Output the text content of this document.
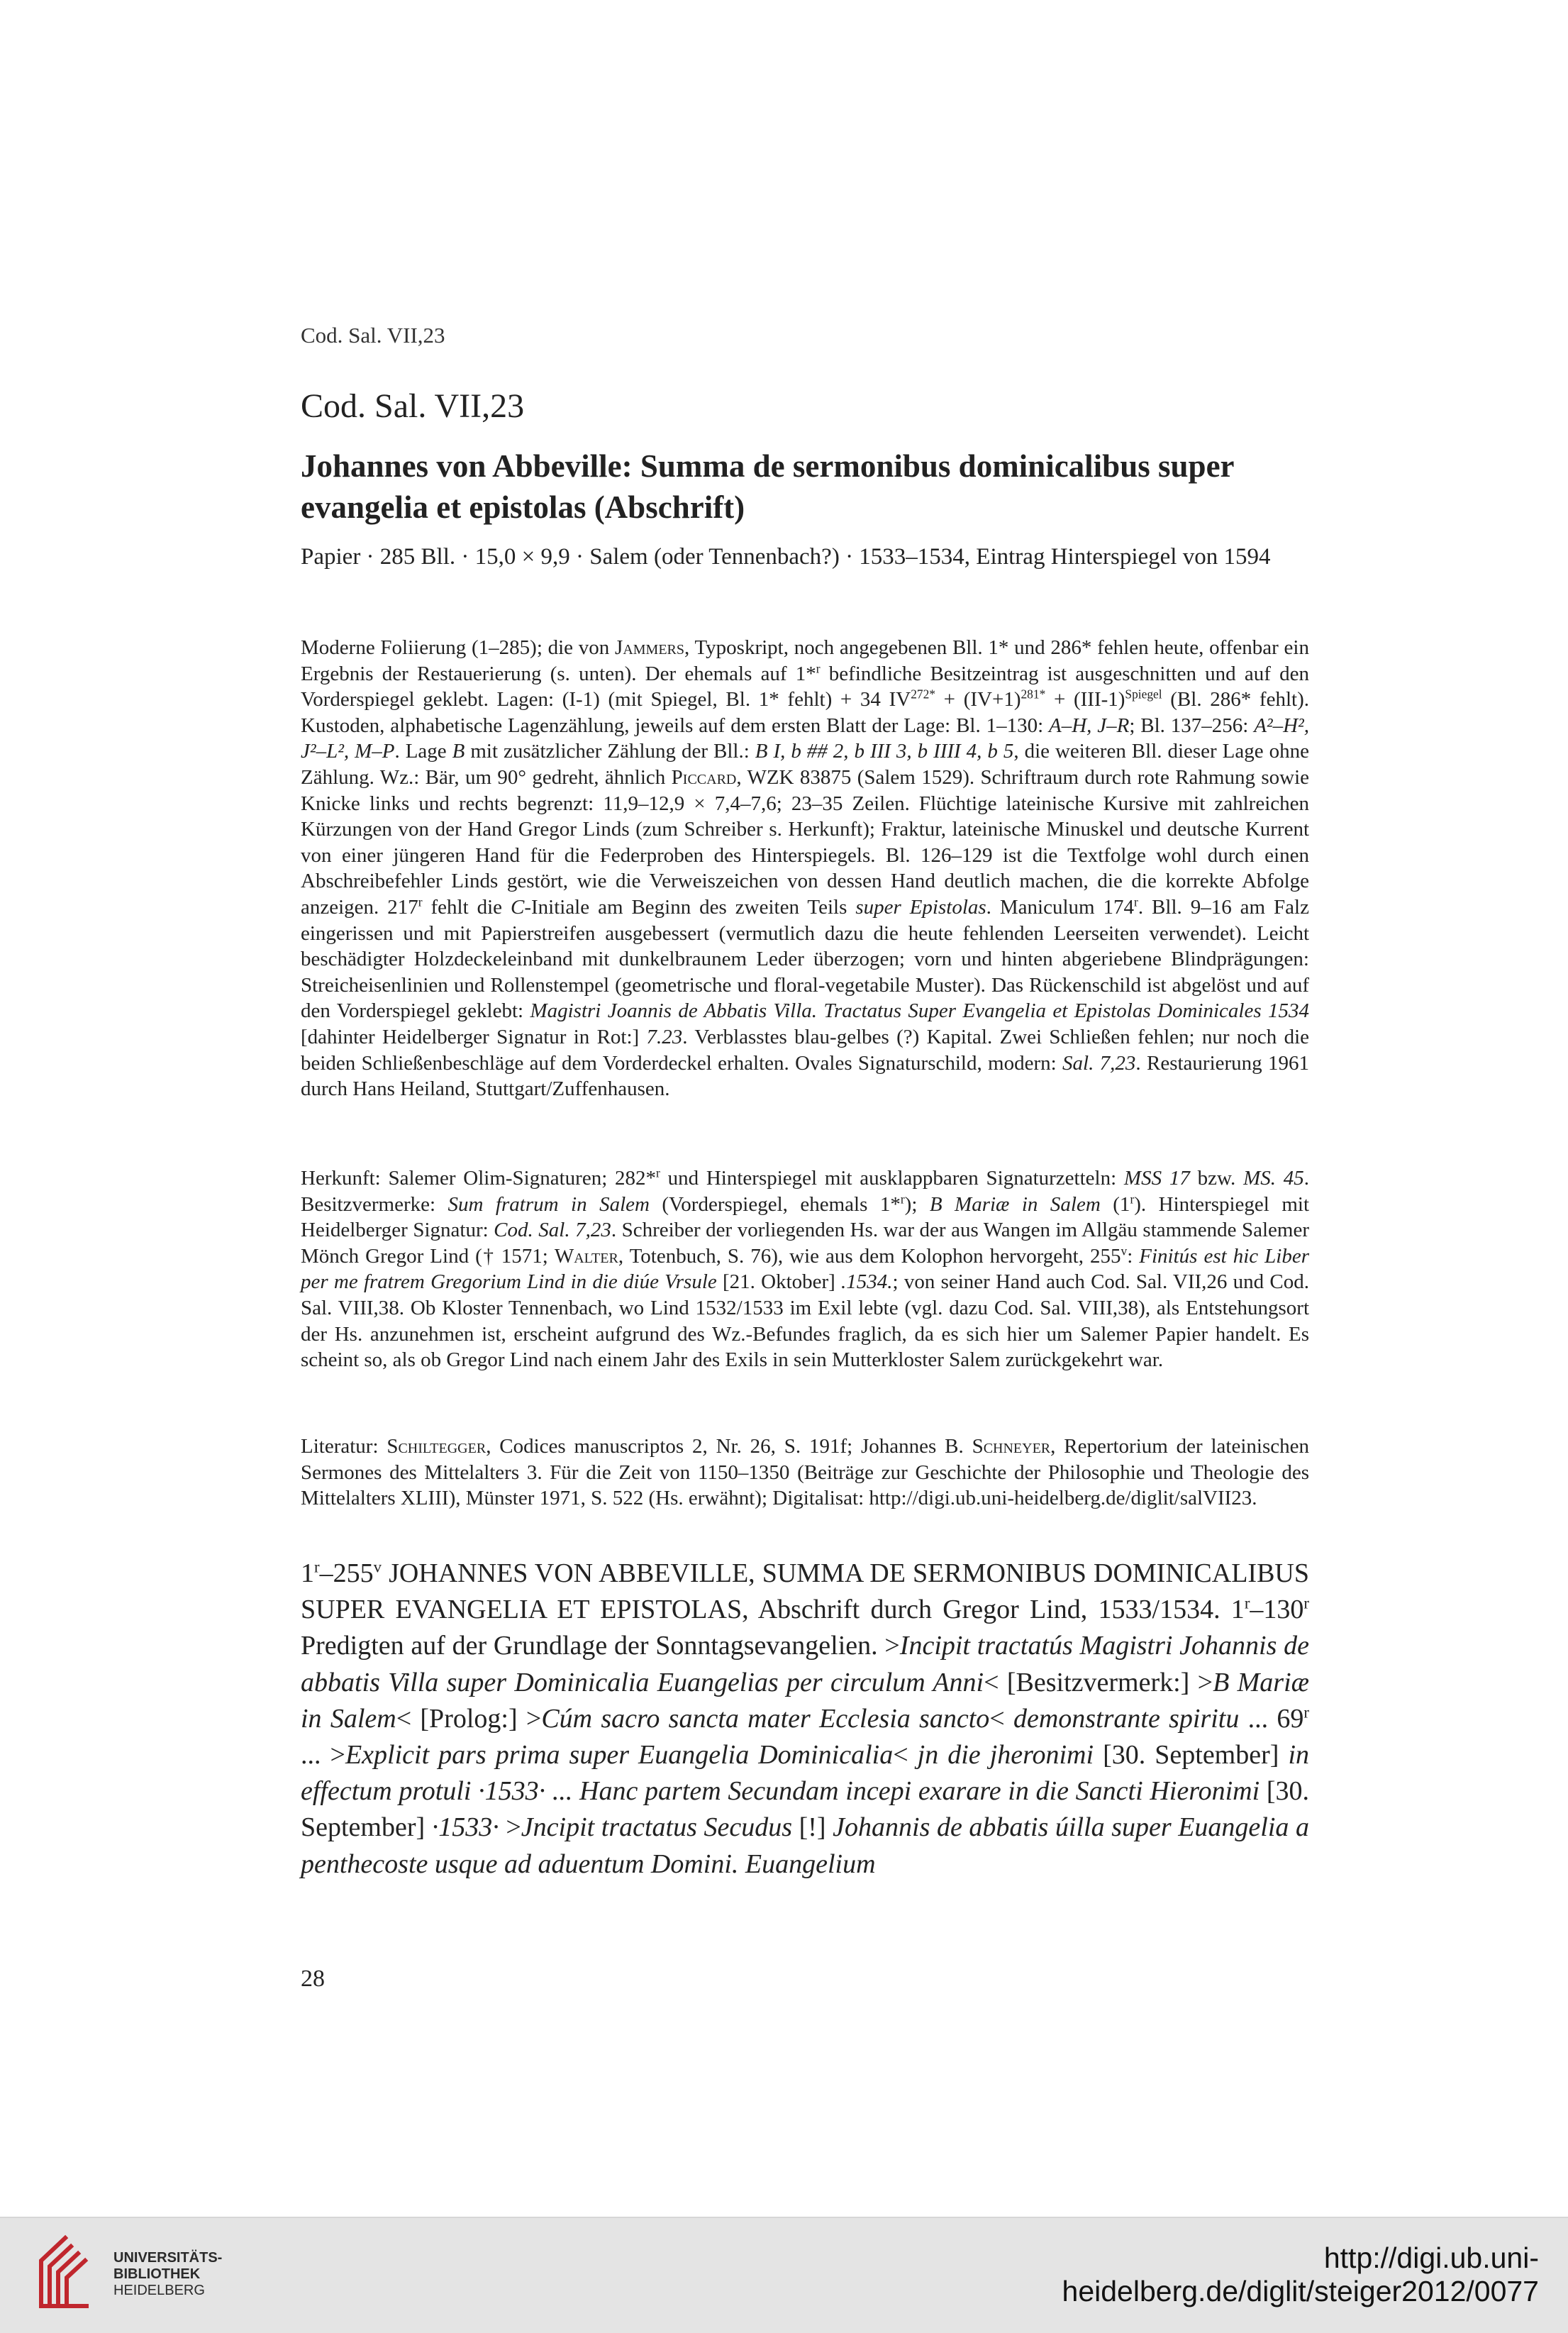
Cod. Sal. VII,23
Cod. Sal. VII,23
Johannes von Abbeville: Summa de sermonibus dominicalibus super evangelia et epistolas (Abschrift)
Papier · 285 Bll. · 15,0 × 9,9 · Salem (oder Tennenbach?) · 1533–1534, Eintrag Hinterspiegel von 1594

Moderne Foliierung (1–285); die von Jammers, Typoskript, noch angegebenen Bll. 1* und 286* fehlen heute, offenbar ein Ergebnis der Restauerierung (s. unten). Der ehemals auf 1*$^r$ befindliche Besitzeintrag ist ausgeschnitten und auf den Vorderspiegel geklebt. Lagen: (I-1) (mit Spiegel, Bl. 1* fehlt) + 34 $IV^{272*} + (IV+1)^{281*} + (III-1)^{Spiegel}$ (Bl. 286* fehlt). Kustoden, alphabetische Lagenzählung, jeweils auf dem ersten Blatt der Lage: Bl. 1–130: A–H, J–R; Bl. 137–256: A²–H², J²–L², M–P. Lage B mit zusätzlicher Zählung der Bll.: B I, b ## 2, b III 3, b IIII 4, b 5, die weiteren Bll. dieser Lage ohne Zählung. Wz.: Bär, um 90° gedreht, ähnlich Piccard, WZK 83875 (Salem 1529). Schriftraum durch rote Rahmung sowie Knicke links und rechts begrenzt: 11,9–12,9 × 7,4–7,6; 23–35 Zeilen. Flüchtige lateinische Kursive mit zahlreichen Kürzungen von der Hand Gregor Linds (zum Schreiber s. Herkunft); Fraktur, lateinische Minuskel und deutsche Kurrent von einer jüngeren Hand für die Federproben des Hinterspiegels. Bl. 126–129 ist die Textfolge wohl durch einen Abschreibefehler Linds gestört, wie die Verweiszeichen von dessen Hand deutlich machen, die die korrekte Abfolge anzeigen. 217$^r$ fehlt die C-Initiale am Beginn des zweiten Teils super Epistolas. Maniculum 174$^r$. Bll. 9–16 am Falz eingerissen und mit Papierstreifen ausgebessert (vermutlich dazu die heute fehlenden Leerseiten verwendet). Leicht beschädigter Holzdeckeleinband mit dunkelbraunem Leder überzogen; vorn und hinten abgeriebene Blindprägungen: Streicheisenlinien und Rollenstempel (geometrische und floral-vegetabile Muster). Das Rückenschild ist abgelöst und auf den Vorderspiegel geklebt: Magistri Joannis de Abbatis Villa. Tractatus Super Evangelia et Epistolas Dominicales 1534 [dahinter Heidelberger Signatur in Rot:] 7.23. Verblasstes blau-gelbes (?) Kapital. Zwei Schließen fehlen; nur noch die beiden Schließenbeschläge auf dem Vorderdeckel erhalten. Ovales Signaturschild, modern: Sal. 7,23. Restaurierung 1961 durch Hans Heiland, Stuttgart/Zuffenhausen.

Herkunft: Salemer Olim-Signaturen; 282*$^r$ und Hinterspiegel mit ausklappbaren Signaturzetteln: MSS 17 bzw. MS. 45. Besitzvermerke: Sum fratrum in Salem (Vorderspiegel, ehemals 1*$^r$); B Mariæ in Salem (1$^r$). Hinterspiegel mit Heidelberger Signatur: Cod. Sal. 7,23. Schreiber der vorliegenden Hs. war der aus Wangen im Allgäu stammende Salemer Mönch Gregor Lind († 1571; Walter, Totenbuch, S. 76), wie aus dem Kolophon hervorgeht, 255$^v$: Finitús est hic Liber per me fratrem Gregorium Lind in die diúe Vrsule [21. Oktober] .1534.; von seiner Hand auch Cod. Sal. VII,26 und Cod. Sal. VIII,38. Ob Kloster Tennenbach, wo Lind 1532/1533 im Exil lebte (vgl. dazu Cod. Sal. VIII,38), als Entstehungsort der Hs. anzunehmen ist, erscheint aufgrund des Wz.-Befundes fraglich, da es sich hier um Salemer Papier handelt. Es scheint so, als ob Gregor Lind nach einem Jahr des Exils in sein Mutterkloster Salem zurückgekehrt war.

Literatur: Schiltegger, Codices manuscriptos 2, Nr. 26, S. 191f; Johannes B. Schneyer, Repertorium der lateinischen Sermones des Mittelalters 3. Für die Zeit von 1150–1350 (Beiträge zur Geschichte der Philosophie und Theologie des Mittelalters XLIII), Münster 1971, S. 522 (Hs. erwähnt); Digitalisat: http://digi.ub.uni-heidelberg.de/diglit/salVII23.

1$^r$–255$^v$ JOHANNES VON ABBEVILLE, SUMMA DE SERMONIBUS DOMINICALIBUS SUPER EVANGELIA ET EPISTOLAS, Abschrift durch Gregor Lind, 1533/1534. 1$^r$–130$^r$ Predigten auf der Grundlage der Sonntagsevangelien. >Incipit tractatús Magistri Johannis de abbatis Villa super Dominicalia Euangelias per circulum Anni< [Besitzvermerk:] >B Mariæ in Salem< [Prolog:] >Cúm sacro sancta mater Ecclesia sancto< demonstrante spiritu ... 69$^r$ ... >Explicit pars prima super Euangelia Dominicalia< jn die jheronimi [30. September] in effectum protuli ·1533· ... Hanc partem Secundam incepi exarare in die Sancti Hieronimi [30. September] ·1533· >Jncipit tractatus Secudus [!] Johannis de abbatis úilla super Euangelia a penthecoste usque ad aduentum Domini. Euangelium

28
UNIVERSITÄTS-
BIBLIOTHEK
HEIDELBERG
http://digi.ub.uni-heidelberg.de/diglit/steiger2012/0077
